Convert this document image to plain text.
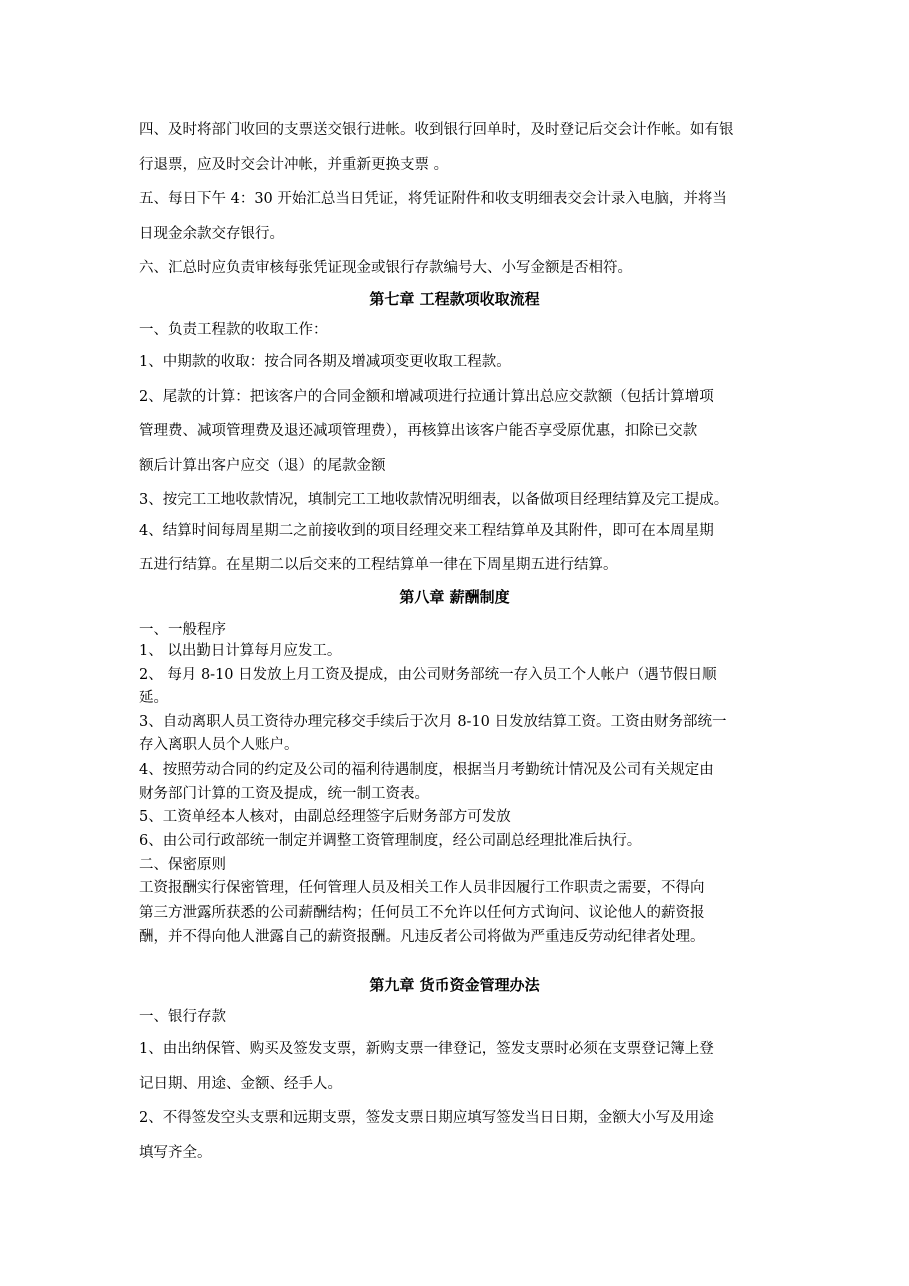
四、及时将部门收回的支票送交银行进帐。收到银行回单时，及时登记后交会计作帐。如有银

行退票，应及时交会计冲帐，并重新更换支票 。

五、每日下午 4：30 开始汇总当日凭证，将凭证附件和收支明细表交会计录入电脑，并将当

日现金余款交存银行。

六、汇总时应负责审核每张凭证现金或银行存款编号大、小写金额是否相符。

第七章 工程款项收取流程

一、负责工程款的收取工作：

1、中期款的收取：按合同各期及增减项变更收取工程款。

2、尾款的计算：把该客户的合同金额和增减项进行拉通计算出总应交款额（包括计算增项

管理费、减项管理费及退还减项管理费），再核算出该客户能否享受原优惠，扣除已交款

额后计算出客户应交（退）的尾款金额

3、按完工工地收款情况，填制完工工地收款情况明细表，以备做项目经理结算及完工提成。

4、结算时间每周星期二之前接收到的项目经理交来工程结算单及其附件，即可在本周星期

五进行结算。在星期二以后交来的工程结算单一律在下周星期五进行结算。

第八章 薪酬制度

一、一般程序

1、 以出勤日计算每月应发工。

2、 每月 8-10 日发放上月工资及提成，由公司财务部统一存入员工个人帐户（遇节假日顺

延。

3、自动离职人员工资待办理完移交手续后于次月 8-10 日发放结算工资。工资由财务部统一

存入离职人员个人账户。

4、按照劳动合同的约定及公司的福利待遇制度，根据当月考勤统计情况及公司有关规定由

财务部门计算的工资及提成，统一制工资表。

5、工资单经本人核对，由副总经理签字后财务部方可发放

6、由公司行政部统一制定并调整工资管理制度，经公司副总经理批准后执行。

二、保密原则

工资报酬实行保密管理，任何管理人员及相关工作人员非因履行工作职责之需要，不得向

第三方泄露所获悉的公司薪酬结构；任何员工不允许以任何方式询问、议论他人的薪资报

酬，并不得向他人泄露自己的薪资报酬。凡违反者公司将做为严重违反劳动纪律者处理。

第九章 货币资金管理办法

一、银行存款

1、由出纳保管、购买及签发支票，新购支票一律登记，签发支票时必须在支票登记簿上登

记日期、用途、金额、经手人。

2、不得签发空头支票和远期支票，签发支票日期应填写签发当日日期，金额大小写及用途

填写齐全。
